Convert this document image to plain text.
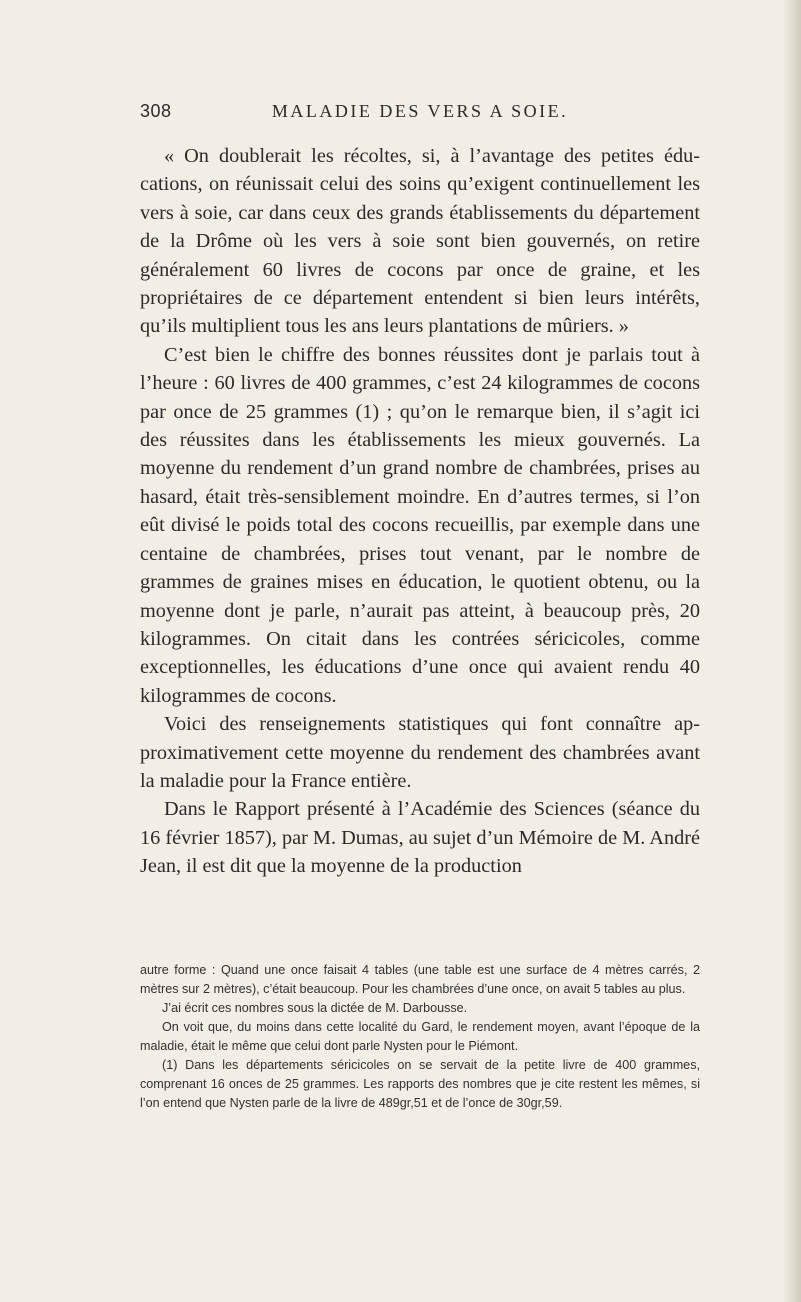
308	MALADIE DES VERS A SOIE.

« On doublerait les récoltes, si, à l’avantage des petites éducations, on réunissait celui des soins qu’exigent continuellement les vers à soie, car dans ceux des grands établissements du département de la Drôme où les vers à soie sont bien gouvernés, on retire généralement 60 livres de cocons par once de graine, et les propriétaires de ce département entendent si bien leurs intérêts, qu’ils multiplient tous les ans leurs plantations de mûriers. »

C’est bien le chiffre des bonnes réussites dont je parlais tout à l’heure : 60 livres de 400 grammes, c’est 24 kilogrammes de cocons par once de 25 grammes (1) ; qu’on le remarque bien, il s’agit ici des réussites dans les établissements les mieux gouvernés. La moyenne du rendement d’un grand nombre de chambrées, prises au hasard, était très-sensiblement moindre. En d’autres termes, si l’on eût divisé le poids total des cocons recueillis, par exemple dans une centaine de chambrées, prises tout venant, par le nombre de grammes de graines mises en éducation, le quotient obtenu, ou la moyenne dont je parle, n’aurait pas atteint, à beaucoup près, 20 kilogrammes. On citait dans les contrées séricicoles, comme exceptionnelles, les éducations d’une once qui avaient rendu 40 kilogrammes de cocons.

Voici des renseignements statistiques qui font connaître approximativement cette moyenne du rendement des chambrées avant la maladie pour la France entière.

Dans le Rapport présenté à l’Académie des Sciences (séance du 16 février 1857), par M. Dumas, au sujet d’un Mémoire de M. André Jean, il est dit que la moyenne de la production

autre forme : Quand une once faisait 4 tables (une table est une surface de 4 mètres carrés, 2 mètres sur 2 mètres), c’était beaucoup. Pour les chambrées d’une once, on avait 5 tables au plus.

J’ai écrit ces nombres sous la dictée de M. Darbousse.

On voit que, du moins dans cette localité du Gard, le rendement moyen, avant l’époque de la maladie, était le même que celui dont parle Nysten pour le Piémont.

(1) Dans les départements séricicoles on se servait de la petite livre de 400 grammes, comprenant 16 onces de 25 grammes. Les rapports des nombres que je cite restent les mêmes, si l’on entend que Nysten parle de la livre de 489gr,51 et de l’once de 30gr,59.
